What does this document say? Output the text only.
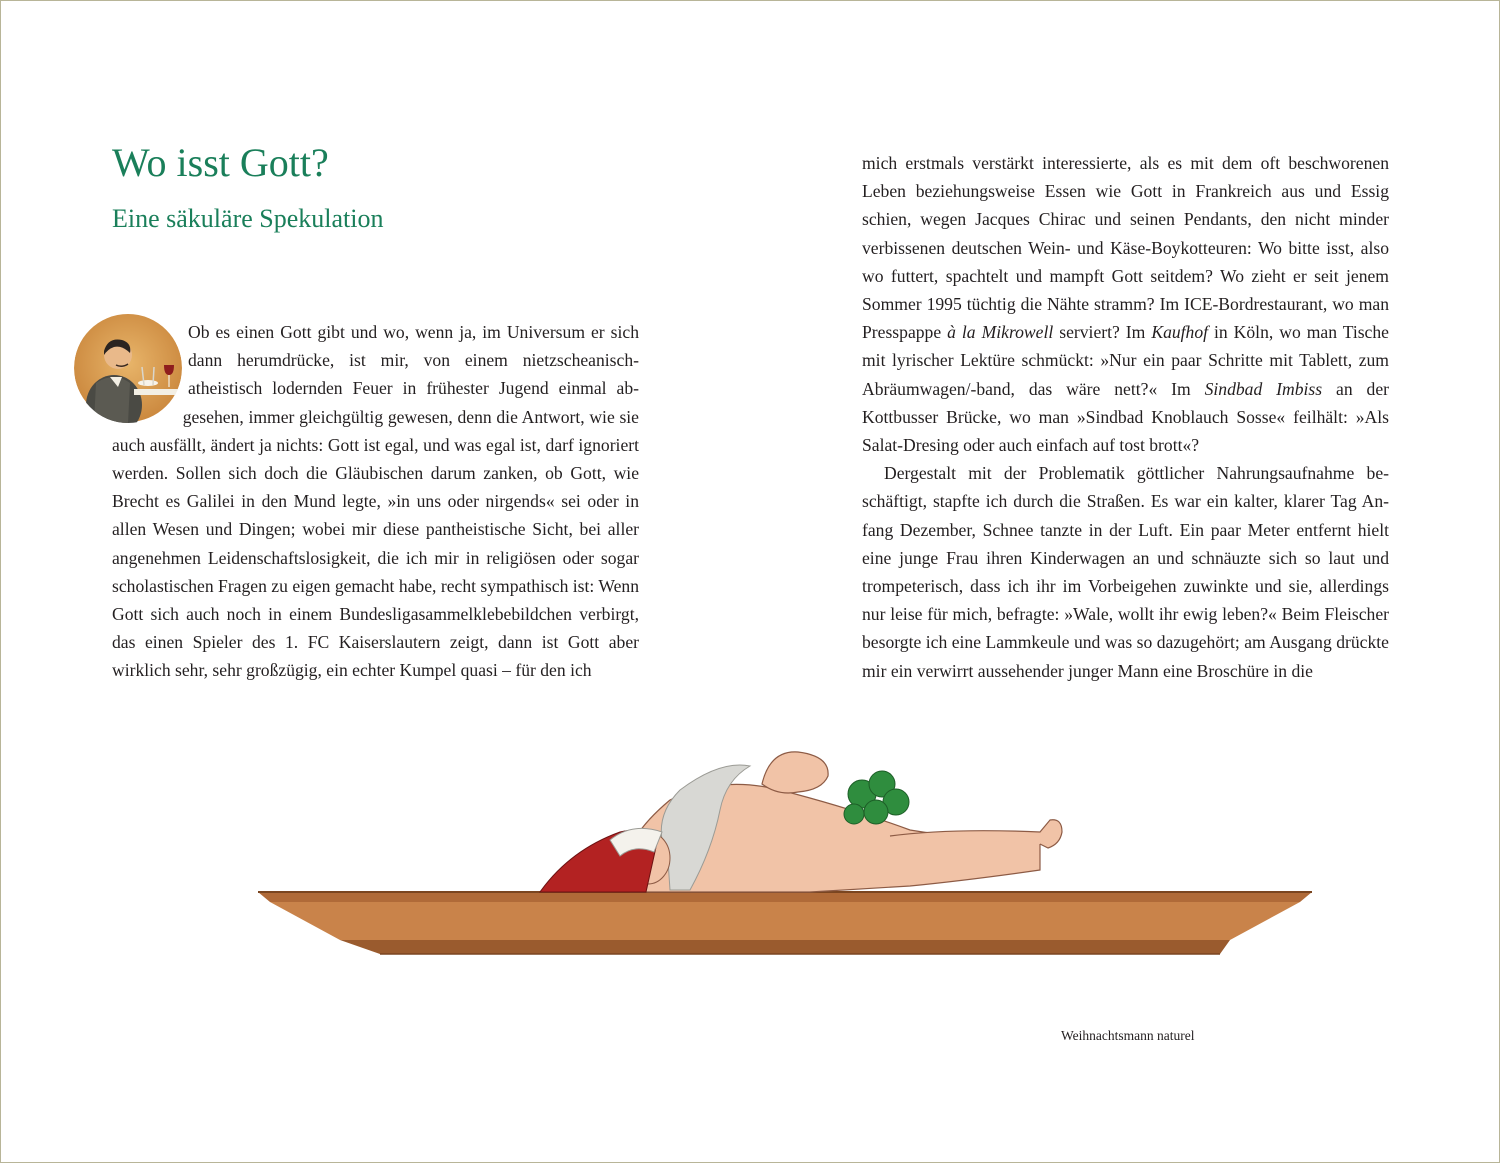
Wo isst Gott?
Eine säkuläre Spekulation

Ob es einen Gott gibt und wo, wenn ja, im Universum er sich dann herumdrücke, ist mir, von einem nietzscheanisch-atheistisch lodernden Feuer in frühester Jugend einmal abgesehen, immer gleichgültig gewesen, denn die Antwort, wie sie auch ausfällt, ändert ja nichts: Gott ist egal, und was egal ist, darf ignoriert werden. Sollen sich doch die Gläubischen darum zanken, ob Gott, wie Brecht es Galilei in den Mund legte, »in uns oder nirgends« sei oder in allen Wesen und Dingen; wobei mir diese pantheistische Sicht, bei aller angenehmen Leidenschaftslosigkeit, die ich mir in religiösen oder sogar scholastischen Fragen zu eigen gemacht habe, recht sympathisch ist: Wenn Gott sich auch noch in einem Bundesligasammelklebebildchen verbirgt, das einen Spieler des 1. FC Kaiserslautern zeigt, dann ist Gott aber wirklich sehr, sehr großzügig, ein echter Kumpel quasi – für den ich

mich erstmals verstärkt interessierte, als es mit dem oft beschworenen Leben beziehungsweise Essen wie Gott in Frankreich aus und Essig schien, wegen Jacques Chirac und seinen Pendants, den nicht minder verbissenen deutschen Wein- und Käse-Boykotteuren: Wo bitte isst, also wo futtert, spachtelt und mampft Gott seitdem? Wo zieht er seit jenem Sommer 1995 tüchtig die Nähte stramm? Im ICE-Bordrestaurant, wo man Presspappe à la Mikrowell serviert? Im Kaufhof in Köln, wo man Tische mit lyrischer Lektüre schmückt: »Nur ein paar Schritte mit Tablett, zum Abräumwagen/-band, das wäre nett?« Im Sindbad Imbiss an der Kottbusser Brücke, wo man »Sindbad Knoblauch Sosse« feilhält: »Als Salat-Dresing oder auch einfach auf tost brott«?

Dergestalt mit der Problematik göttlicher Nahrungsaufnahme beschäftigt, stapfte ich durch die Straßen. Es war ein kalter, klarer Tag Anfang Dezember, Schnee tanzte in der Luft. Ein paar Meter entfernt hielt eine junge Frau ihren Kinderwagen an und schnäuzte sich so laut und trompeterisch, dass ich ihr im Vorbeigehen zuwinkte und sie, allerdings nur leise für mich, befragte: »Wale, wollt ihr ewig leben?« Beim Fleischer besorgte ich eine Lammkeule und was so dazugehört; am Ausgang drückte mir ein verwirrt aussehender junger Mann eine Broschüre in die

Weihnachtsmann naturel
